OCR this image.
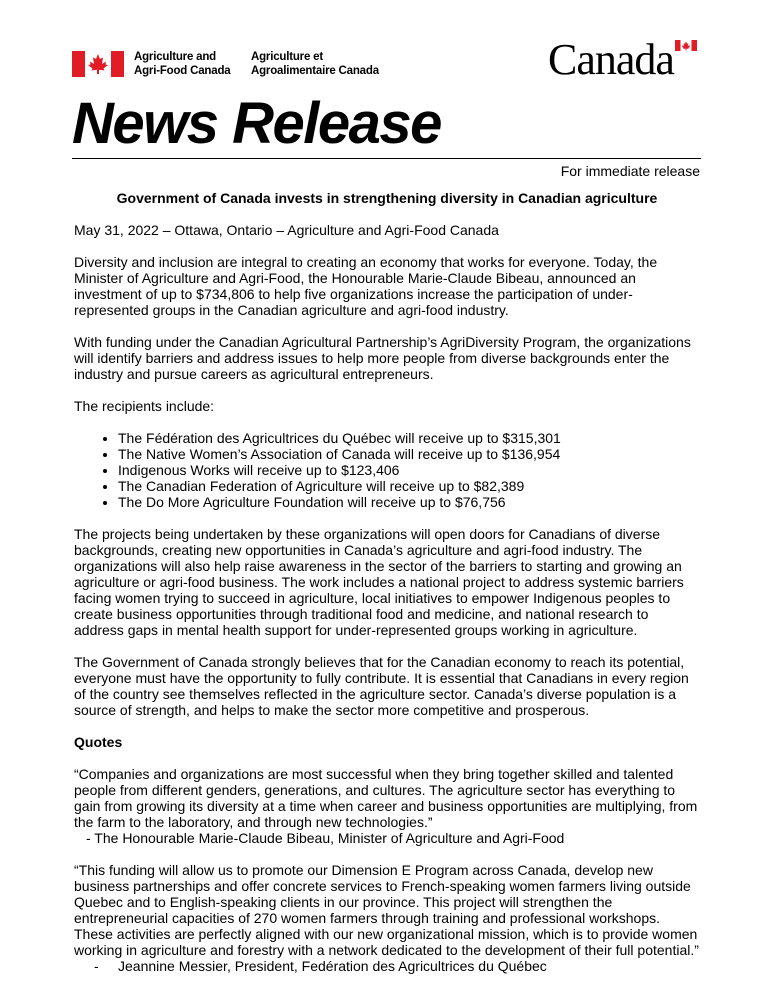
Agriculture and
Agri-Food Canada
Agriculture et
Agroalimentaire Canada	Canada
News Release
For immediate release

Government of Canada invests in strengthening diversity in Canadian agriculture

May 31, 2022 – Ottawa, Ontario – Agriculture and Agri-Food Canada

Diversity and inclusion are integral to creating an economy that works for everyone. Today, the Minister of Agriculture and Agri-Food, the Honourable Marie-Claude Bibeau, announced an investment of up to $734,806 to help five organizations increase the participation of under-represented groups in the Canadian agriculture and agri-food industry.

With funding under the Canadian Agricultural Partnership’s AgriDiversity Program, the organizations will identify barriers and address issues to help more people from diverse backgrounds enter the industry and pursue careers as agricultural entrepreneurs.

The recipients include:

• The Fédération des Agricultrices du Québec will receive up to $315,301
• The Native Women’s Association of Canada will receive up to $136,954
• Indigenous Works will receive up to $123,406
• The Canadian Federation of Agriculture will receive up to $82,389
• The Do More Agriculture Foundation will receive up to $76,756

The projects being undertaken by these organizations will open doors for Canadians of diverse backgrounds, creating new opportunities in Canada’s agriculture and agri-food industry. The organizations will also help raise awareness in the sector of the barriers to starting and growing an agriculture or agri-food business. The work includes a national project to address systemic barriers facing women trying to succeed in agriculture, local initiatives to empower Indigenous peoples to create business opportunities through traditional food and medicine, and national research to address gaps in mental health support for under-represented groups working in agriculture.

The Government of Canada strongly believes that for the Canadian economy to reach its potential, everyone must have the opportunity to fully contribute. It is essential that Canadians in every region of the country see themselves reflected in the agriculture sector. Canada’s diverse population is a source of strength, and helps to make the sector more competitive and prosperous.

Quotes

“Companies and organizations are most successful when they bring together skilled and talented people from different genders, generations, and cultures. The agriculture sector has everything to gain from growing its diversity at a time when career and business opportunities are multiplying, from the farm to the laboratory, and through new technologies.”

- The Honourable Marie-Claude Bibeau, Minister of Agriculture and Agri-Food

“This funding will allow us to promote our Dimension E Program across Canada, develop new business partnerships and offer concrete services to French-speaking women farmers living outside Quebec and to English-speaking clients in our province. This project will strengthen the entrepreneurial capacities of 270 women farmers through training and professional workshops. These activities are perfectly aligned with our new organizational mission, which is to provide women working in agriculture and forestry with a network dedicated to the development of their full potential.”

- Jeannine Messier, President, Fedération des Agricultrices du Québec
